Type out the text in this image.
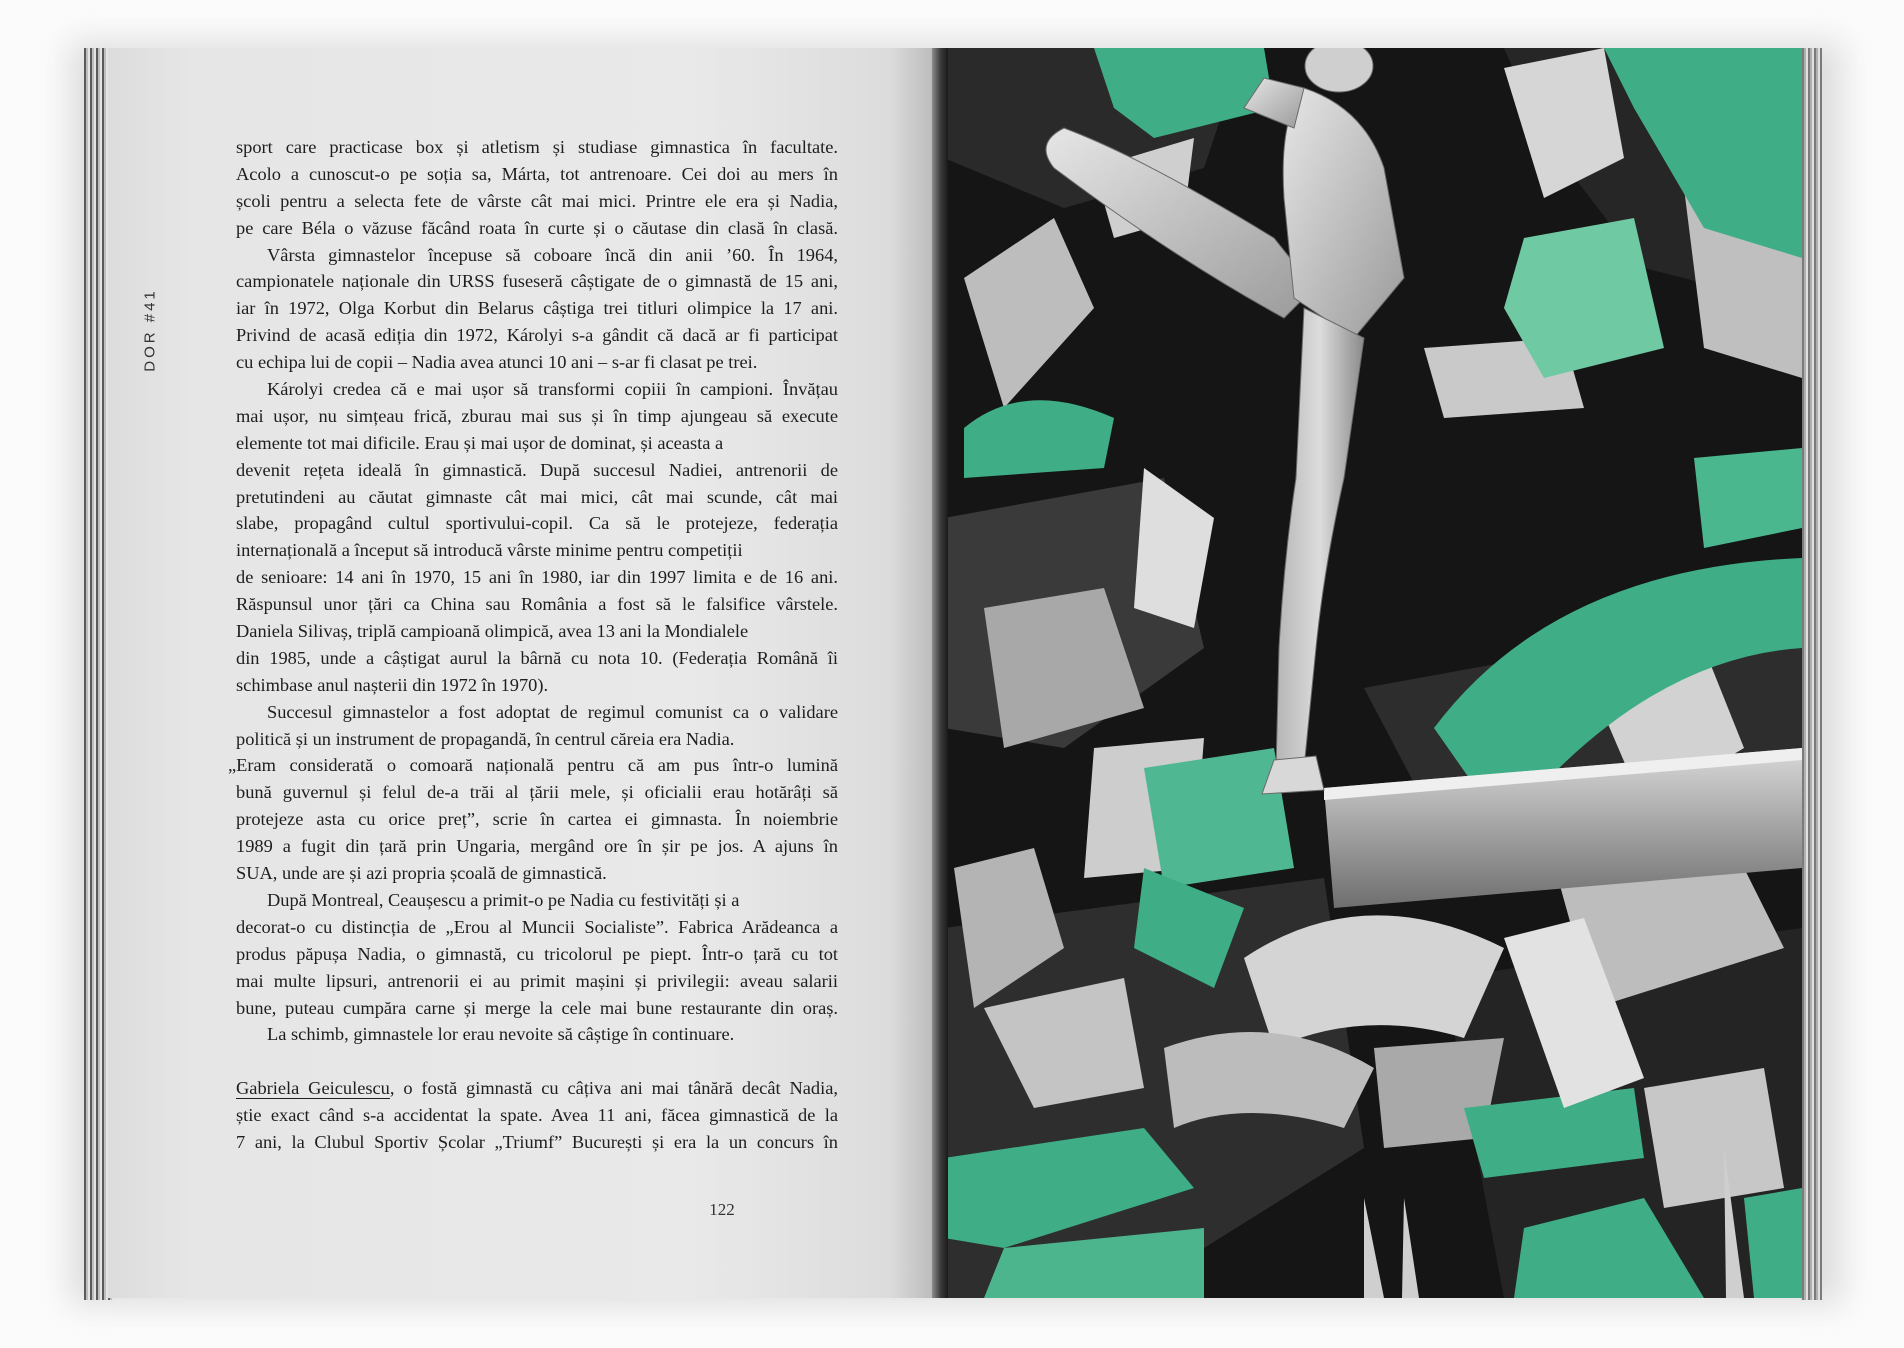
DOR #41
sport care practicase box și atletism și studiase gimnastica în facultate.
Acolo a cunoscut-o pe soția sa, Márta, tot antrenoare. Cei doi au mers în
școli pentru a selecta fete de vârste cât mai mici. Printre ele era și Nadia,
pe care Béla o văzuse făcând roata în curte și o căutase din clasă în clasă.
Vârsta gimnastelor începuse să coboare încă din anii ’60. În 1964,
campionatele naționale din URSS fuseseră câștigate de o gimnastă de 15 ani,
iar în 1972, Olga Korbut din Belarus câștiga trei titluri olimpice la 17 ani.
Privind de acasă ediția din 1972, Károlyi s-a gândit că dacă ar fi participat
cu echipa lui de copii – Nadia avea atunci 10 ani – s-ar fi clasat pe trei.
Károlyi credea că e mai ușor să transformi copiii în campioni. Învățau
mai ușor, nu simțeau frică, zburau mai sus și în timp ajungeau să execute
elemente tot mai dificile. Erau și mai ușor de dominat, și aceasta a
devenit rețeta ideală în gimnastică. După succesul Nadiei, antrenorii de
pretutindeni au căutat gimnaste cât mai mici, cât mai scunde, cât mai
slabe, propagând cultul sportivului-copil. Ca să le protejeze, federația
internațională a început să introducă vârste minime pentru competiții
de senioare: 14 ani în 1970, 15 ani în 1980, iar din 1997 limita e de 16 ani.
Răspunsul unor țări ca China sau România a fost să le falsifice vârstele.
Daniela Silivaș, triplă campioană olimpică, avea 13 ani la Mondialele
din 1985, unde a câștigat aurul la bârnă cu nota 10. (Federația Română îi
schimbase anul nașterii din 1972 în 1970).
Succesul gimnastelor a fost adoptat de regimul comunist ca o validare
politică și un instrument de propagandă, în centrul căreia era Nadia.
„Eram considerată o comoară națională pentru că am pus într-o lumină
bună guvernul și felul de-a trăi al țării mele, și oficialii erau hotărâți să
protejeze asta cu orice preț”, scrie în cartea ei gimnasta. În noiembrie
1989 a fugit din țară prin Ungaria, mergând ore în șir pe jos. A ajuns în
SUA, unde are și azi propria școală de gimnastică.
După Montreal, Ceaușescu a primit-o pe Nadia cu festivități și a
decorat-o cu distincția de „Erou al Muncii Socialiste”. Fabrica Arădeanca a
produs păpușa Nadia, o gimnastă, cu tricolorul pe piept. Într-o țară cu tot
mai multe lipsuri, antrenorii ei au primit mașini și privilegii: aveau salarii
bune, puteau cumpăra carne și merge la cele mai bune restaurante din oraș.
La schimb, gimnastele lor erau nevoite să câștige în continuare.
Gabriela Geiculescu, o fostă gimnastă cu câțiva ani mai tânără decât Nadia,
știe exact când s-a accidentat la spate. Avea 11 ani, făcea gimnastică de la
7 ani, la Clubul Sportiv Școlar „Triumf” București și era la un concurs în
122
